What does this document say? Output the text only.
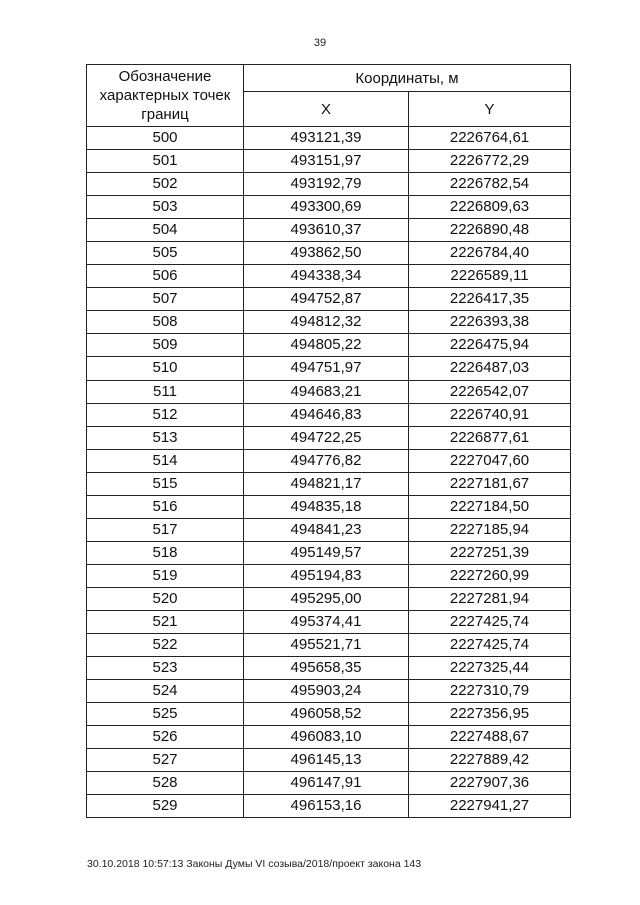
39
Обозначение характерных точек границ	Координаты, м	
	X	Y
500	493121,39	2226764,61
501	493151,97	2226772,29
502	493192,79	2226782,54
503	493300,69	2226809,63
504	493610,37	2226890,48
505	493862,50	2226784,40
506	494338,34	2226589,11
507	494752,87	2226417,35
508	494812,32	2226393,38
509	494805,22	2226475,94
510	494751,97	2226487,03
511	494683,21	2226542,07
512	494646,83	2226740,91
513	494722,25	2226877,61
514	494776,82	2227047,60
515	494821,17	2227181,67
516	494835,18	2227184,50
517	494841,23	2227185,94
518	495149,57	2227251,39
519	495194,83	2227260,99
520	495295,00	2227281,94
521	495374,41	2227425,74
522	495521,71	2227425,74
523	495658,35	2227325,44
524	495903,24	2227310,79
525	496058,52	2227356,95
526	496083,10	2227488,67
527	496145,13	2227889,42
528	496147,91	2227907,36
529	496153,16	2227941,27
30.10.2018 10:57:13 Законы Думы VI созыва/2018/проект закона 143
